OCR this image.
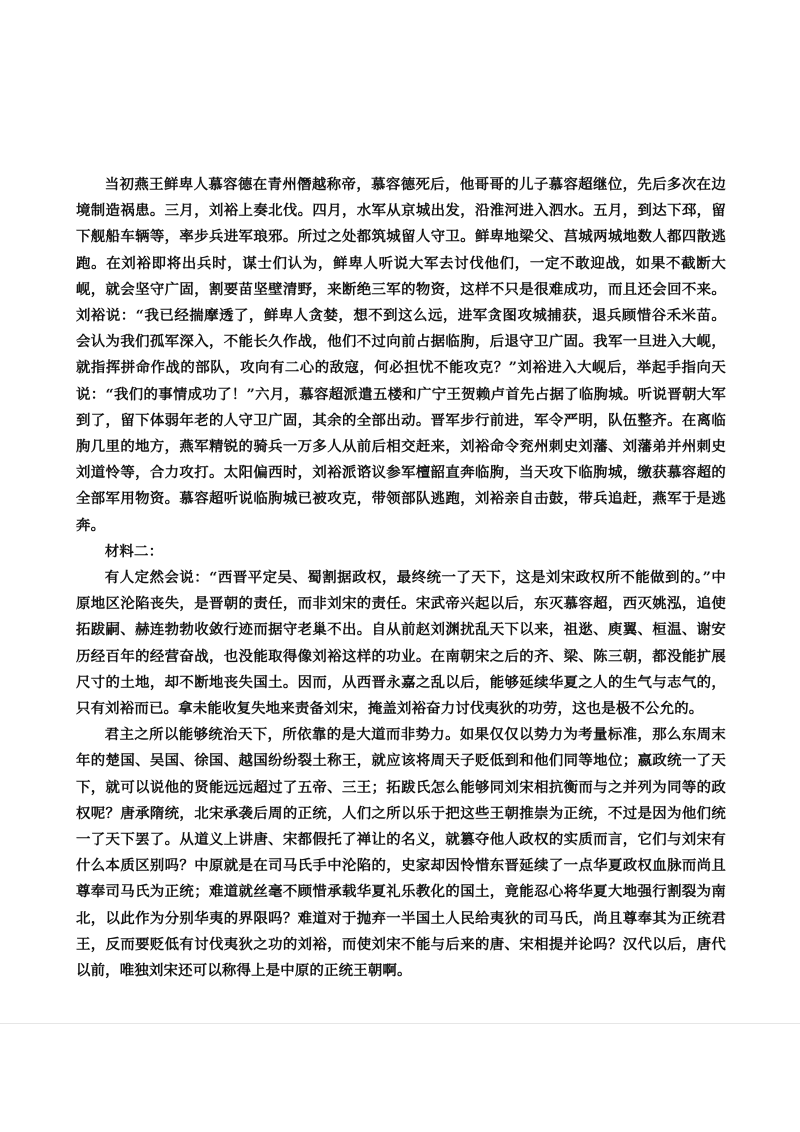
当初燕王鲜卑人慕容德在青州僭越称帝，慕容德死后，他哥哥的儿子慕容超继位，先后多次在边境制造祸患。三月，刘裕上奏北伐。四月，水军从京城出发，沿淮河进入泗水。五月，到达下邳，留下舰船车辆等，率步兵进军琅邪。所过之处都筑城留人守卫。鲜卑地梁父、莒城两城地数人都四散逃跑。在刘裕即将出兵时，谋士们认为，鲜卑人听说大军去讨伐他们，一定不敢迎战，如果不截断大岘，就会坚守广固，割要苗坚壁清野，来断绝三军的物资，这样不只是很难成功，而且还会回不来。刘裕说：“我已经揣摩透了，鲜卑人贪婪，想不到这么远，进军贪图攻城捕获，退兵顾惜谷禾米苗。会认为我们孤军深入，不能长久作战，他们不过向前占据临朐，后退守卫广固。我军一旦进入大岘，就指挥拼命作战的部队，攻向有二心的敌寇，何必担忧不能攻克？”刘裕进入大岘后，举起手指向天说：“我们的事情成功了！”六月，慕容超派遣五楼和广宁王贺赖卢首先占据了临朐城。听说晋朝大军到了，留下体弱年老的人守卫广固，其余的全部出动。晋军步行前进，军令严明，队伍整齐。在离临朐几里的地方，燕军精锐的骑兵一万多人从前后相交赶来，刘裕命令兖州刺史刘藩、刘藩弟并州刺史刘道怜等，合力攻打。太阳偏西时，刘裕派谘议参军檀韶直奔临朐，当天攻下临朐城，缴获慕容超的全部军用物资。慕容超听说临朐城已被攻克，带领部队逃跑，刘裕亲自击鼓，带兵追赶，燕军于是逃奔。

材料二：

有人定然会说：“西晋平定吴、蜀割据政权，最终统一了天下，这是刘宋政权所不能做到的。”中原地区沦陷丧失，是晋朝的责任，而非刘宋的责任。宋武帝兴起以后，东灭慕容超，西灭姚泓，追使拓跋嗣、赫连勃勃收敛行迹而据守老巢不出。自从前赵刘渊扰乱天下以来，祖逖、庾翼、桓温、谢安历经百年的经营奋战，也没能取得像刘裕这样的功业。在南朝宋之后的齐、梁、陈三朝，都没能扩展尺寸的土地，却不断地丧失国土。因而，从西晋永嘉之乱以后，能够延续华夏之人的生气与志气的，只有刘裕而已。拿未能收复失地来责备刘宋，掩盖刘裕奋力讨伐夷狄的功劳，这也是极不公允的。

君主之所以能够统治天下，所依靠的是大道而非势力。如果仅仅以势力为考量标准，那么东周末年的楚国、吴国、徐国、越国纷纷裂土称王，就应该将周天子贬低到和他们同等地位；嬴政统一了天下，就可以说他的贤能远远超过了五帝、三王；拓跋氏怎么能够同刘宋相抗衡而与之并列为同等的政权呢？唐承隋统，北宋承袭后周的正统，人们之所以乐于把这些王朝推崇为正统，不过是因为他们统一了天下罢了。从道义上讲唐、宋都假托了禅让的名义，就篡夺他人政权的实质而言，它们与刘宋有什么本质区别吗？中原就是在司马氏手中沦陷的，史家却因怜惜东晋延续了一点华夏政权血脉而尚且尊奉司马氏为正统；难道就丝毫不顾惜承载华夏礼乐教化的国土，竟能忍心将华夏大地强行割裂为南北，以此作为分别华夷的界限吗？难道对于抛弃一半国土人民给夷狄的司马氏，尚且尊奉其为正统君王，反而要贬低有讨伐夷狄之功的刘裕，而使刘宋不能与后来的唐、宋相提并论吗？汉代以后，唐代以前，唯独刘宋还可以称得上是中原的正统王朝啊。
